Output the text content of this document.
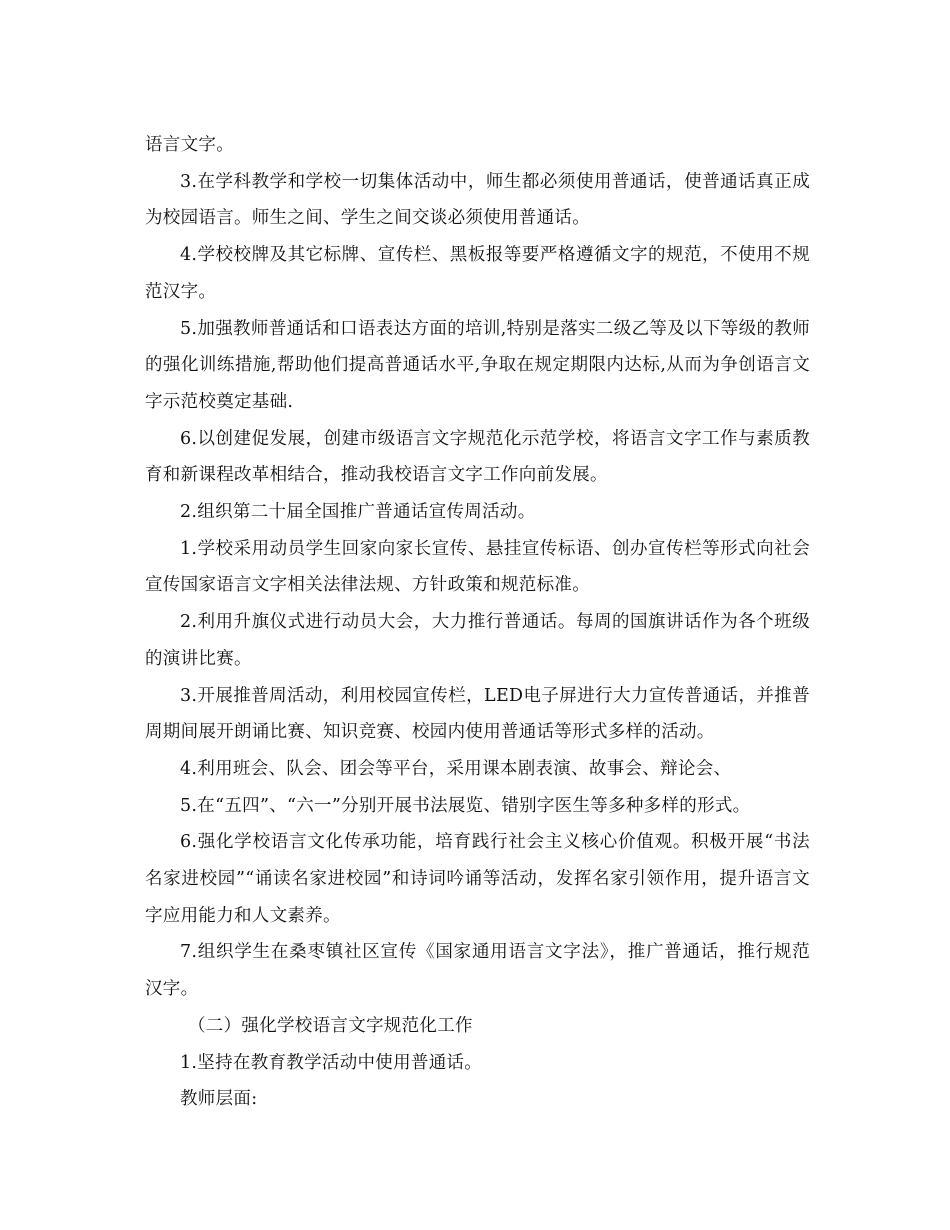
语言文字。

3.在学科教学和学校一切集体活动中，师生都必须使用普通话，使普通话真正成为校园语言。师生之间、学生之间交谈必须使用普通话。

4.学校校牌及其它标牌、宣传栏、黑板报等要严格遵循文字的规范，不使用不规范汉字。

5.加强教师普通话和口语表达方面的培训,特别是落实二级乙等及以下等级的教师的强化训练措施,帮助他们提高普通话水平,争取在规定期限内达标,从而为争创语言文字示范校奠定基础.

6.以创建促发展，创建市级语言文字规范化示范学校，将语言文字工作与素质教育和新课程改革相结合，推动我校语言文字工作向前发展。

2.组织第二十届全国推广普通话宣传周活动。

1.学校采用动员学生回家向家长宣传、悬挂宣传标语、创办宣传栏等形式向社会宣传国家语言文字相关法律法规、方针政策和规范标准。

2.利用升旗仪式进行动员大会，大力推行普通话。每周的国旗讲话作为各个班级的演讲比赛。

3.开展推普周活动，利用校园宣传栏，LED电子屏进行大力宣传普通话，并推普周期间展开朗诵比赛、知识竞赛、校园内使用普通话等形式多样的活动。

4.利用班会、队会、团会等平台，采用课本剧表演、故事会、辩论会、

5.在“五四”、“六一”分别开展书法展览、错别字医生等多种多样的形式。

6.强化学校语言文化传承功能，培育践行社会主义核心价值观。积极开展“书法名家进校园”“诵读名家进校园”和诗词吟诵等活动，发挥名家引领作用，提升语言文字应用能力和人文素养。

7.组织学生在桑枣镇社区宣传《国家通用语言文字法》，推广普通话，推行规范汉字。

（二）强化学校语言文字规范化工作

1.坚持在教育教学活动中使用普通话。

教师层面:
